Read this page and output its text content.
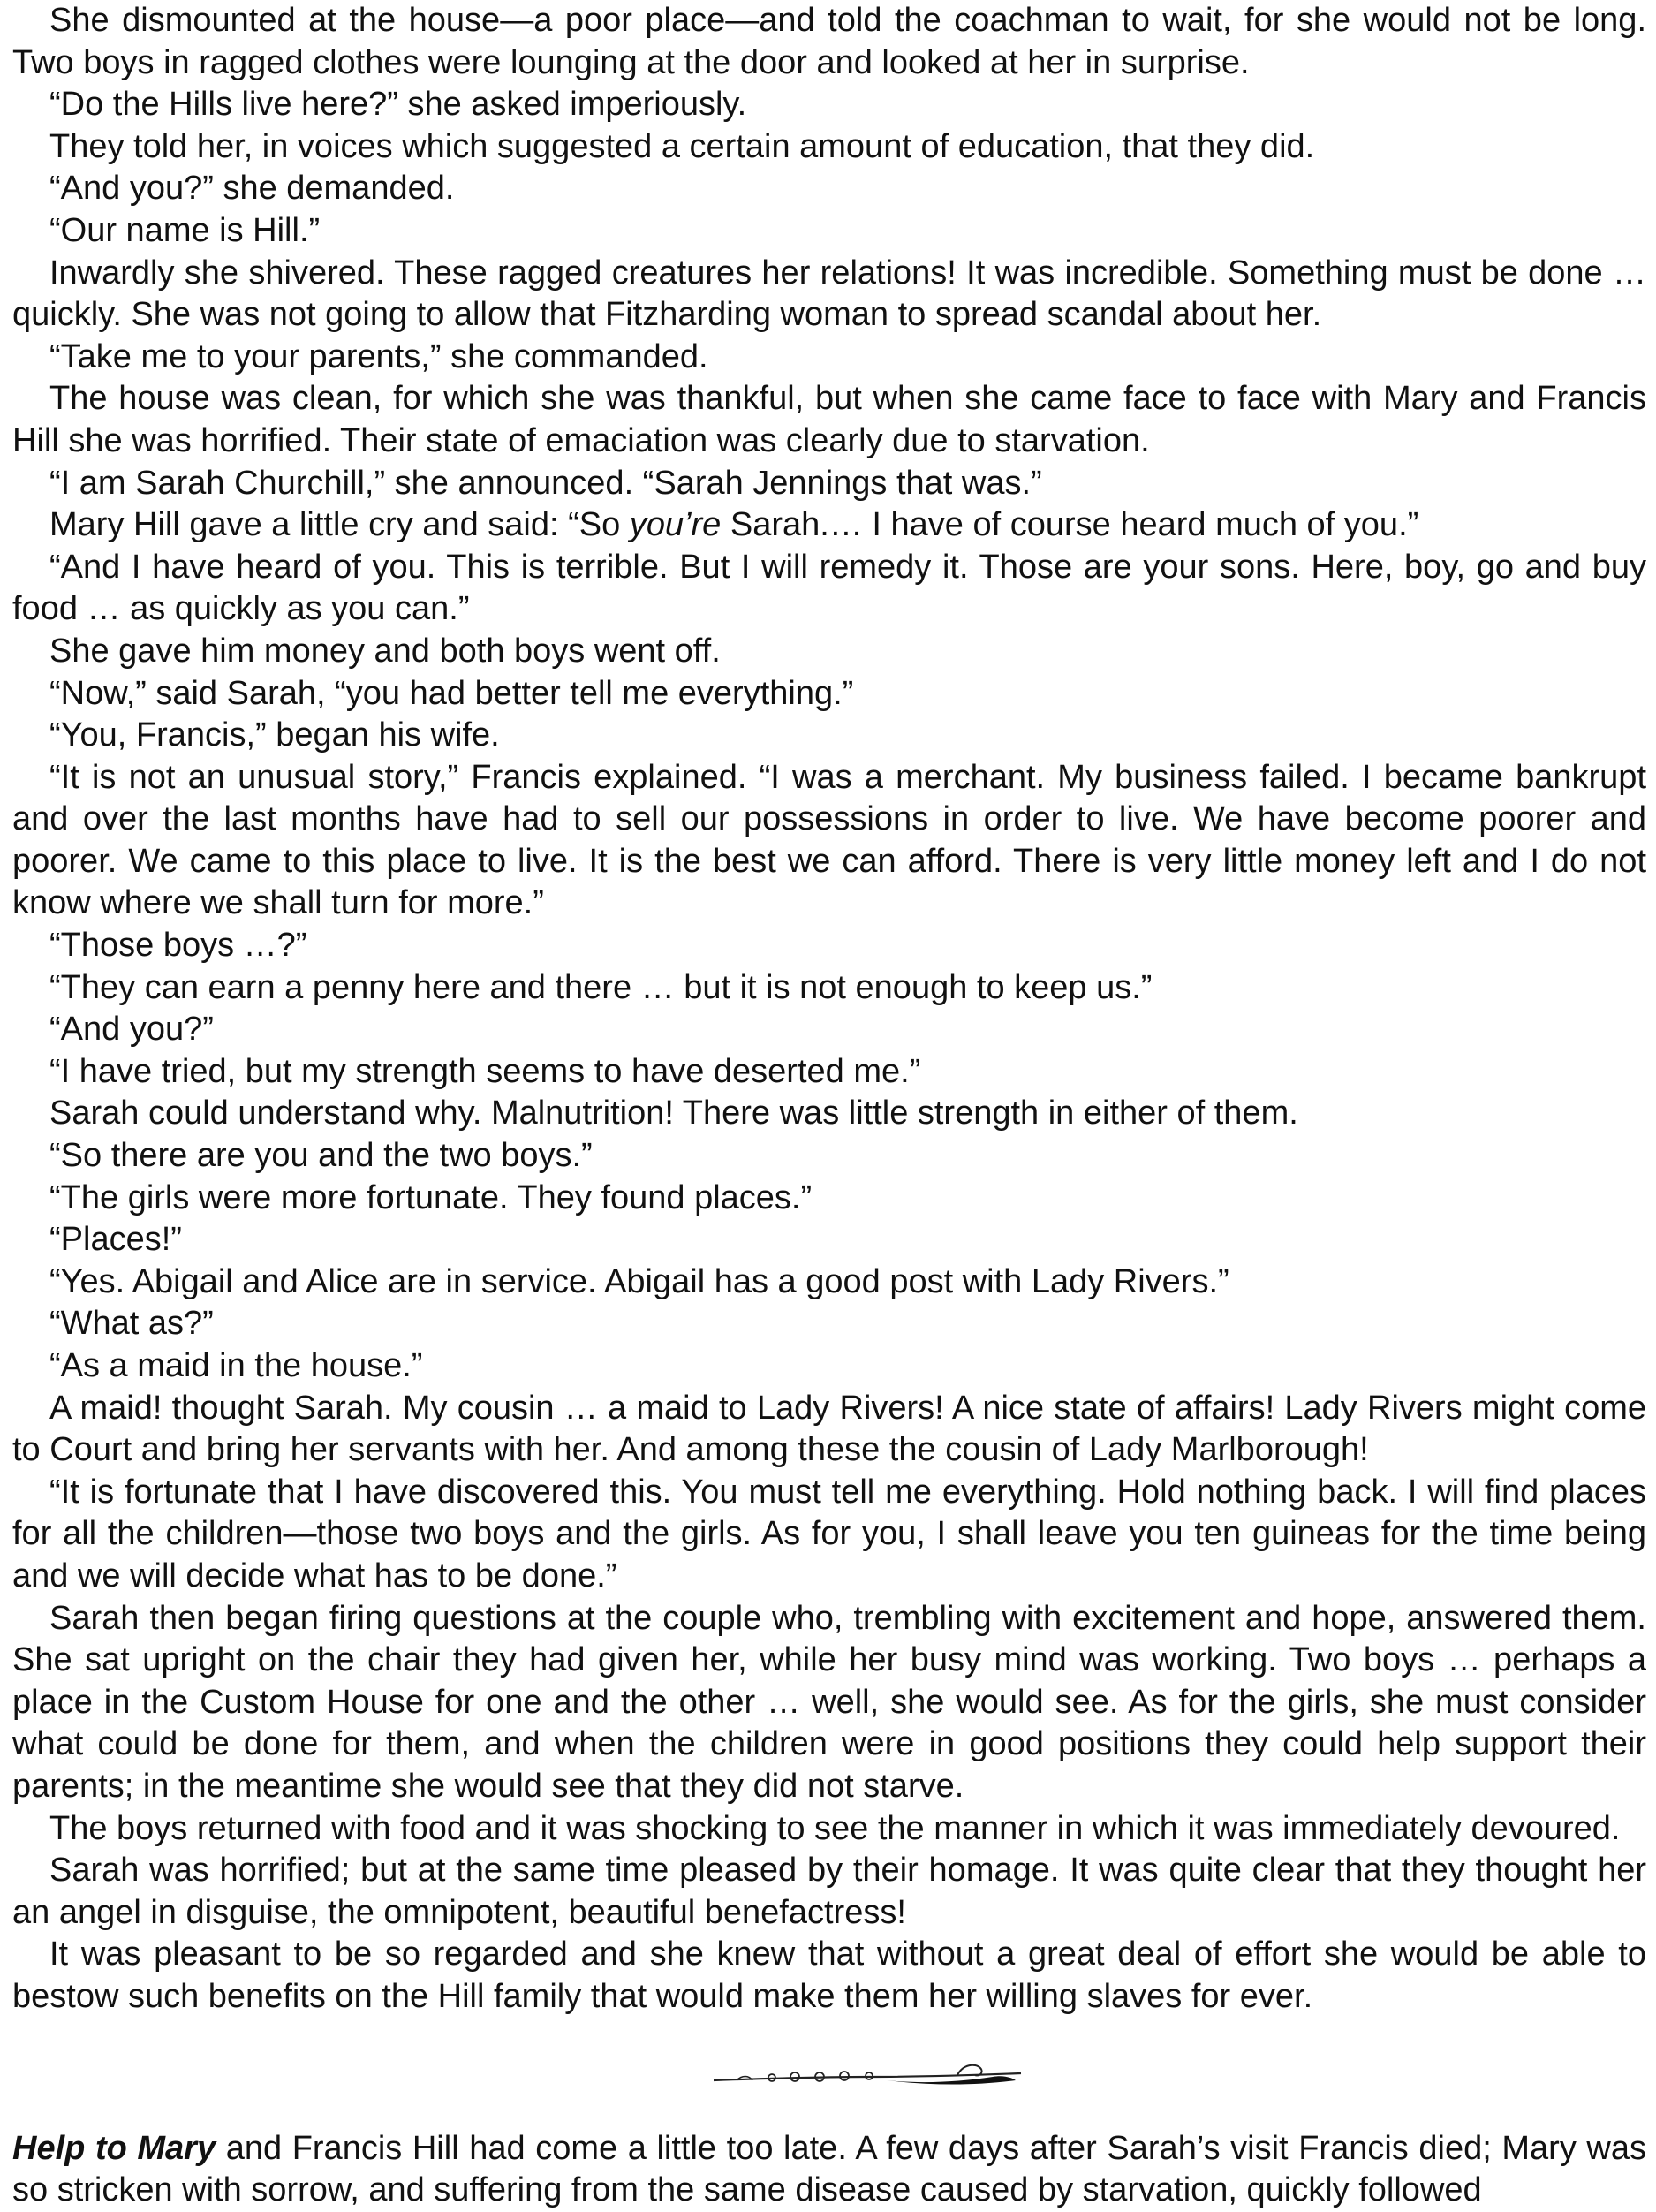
She dismounted at the house—a poor place—and told the coachman to wait, for she would not be long. Two boys in ragged clothes were lounging at the door and looked at her in surprise.

“Do the Hills live here?” she asked imperiously.

They told her, in voices which suggested a certain amount of education, that they did.

“And you?” she demanded.

“Our name is Hill.”

Inwardly she shivered. These ragged creatures her relations! It was incredible. Something must be done … quickly. She was not going to allow that Fitzharding woman to spread scandal about her.

“Take me to your parents,” she commanded.

The house was clean, for which she was thankful, but when she came face to face with Mary and Francis Hill she was horrified. Their state of emaciation was clearly due to starvation.

“I am Sarah Churchill,” she announced. “Sarah Jennings that was.”

Mary Hill gave a little cry and said: “So you’re Sarah.… I have of course heard much of you.”

“And I have heard of you. This is terrible. But I will remedy it. Those are your sons. Here, boy, go and buy food … as quickly as you can.”

She gave him money and both boys went off.

“Now,” said Sarah, “you had better tell me everything.”

“You, Francis,” began his wife.

“It is not an unusual story,” Francis explained. “I was a merchant. My business failed. I became bankrupt and over the last months have had to sell our possessions in order to live. We have become poorer and poorer. We came to this place to live. It is the best we can afford. There is very little money left and I do not know where we shall turn for more.”

“Those boys …?”

“They can earn a penny here and there … but it is not enough to keep us.”

“And you?”

“I have tried, but my strength seems to have deserted me.”

Sarah could understand why. Malnutrition! There was little strength in either of them.

“So there are you and the two boys.”

“The girls were more fortunate. They found places.”

“Places!”

“Yes. Abigail and Alice are in service. Abigail has a good post with Lady Rivers.”

“What as?”

“As a maid in the house.”

A maid! thought Sarah. My cousin … a maid to Lady Rivers! A nice state of affairs! Lady Rivers might come to Court and bring her servants with her. And among these the cousin of Lady Marlborough!

“It is fortunate that I have discovered this. You must tell me everything. Hold nothing back. I will find places for all the children—those two boys and the girls. As for you, I shall leave you ten guineas for the time being and we will decide what has to be done.”

Sarah then began firing questions at the couple who, trembling with excitement and hope, answered them. She sat upright on the chair they had given her, while her busy mind was working. Two boys … perhaps a place in the Custom House for one and the other … well, she would see. As for the girls, she must consider what could be done for them, and when the children were in good positions they could help support their parents; in the meantime she would see that they did not starve.

The boys returned with food and it was shocking to see the manner in which it was immediately devoured.

Sarah was horrified; but at the same time pleased by their homage. It was quite clear that they thought her an angel in disguise, the omnipotent, beautiful benefactress!

It was pleasant to be so regarded and she knew that without a great deal of effort she would be able to bestow such benefits on the Hill family that would make them her willing slaves for ever.

Help to Mary and Francis Hill had come a little too late. A few days after Sarah’s visit Francis died; Mary was so stricken with sorrow, and suffering from the same disease caused by starvation, quickly followed
